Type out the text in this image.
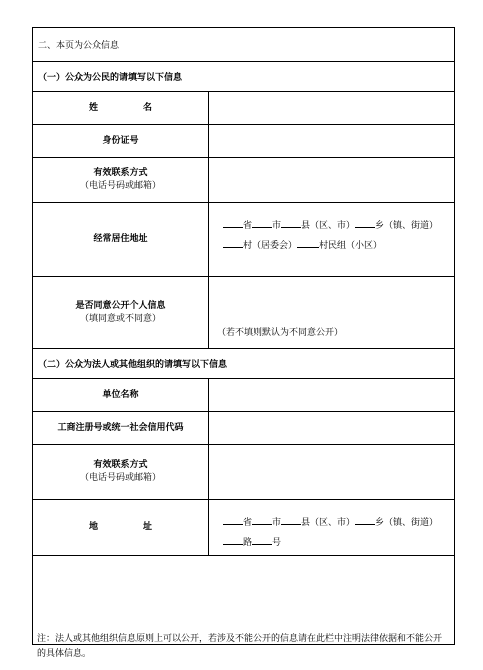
二、本页为公众信息
（一）公众为公民的请填写以下信息
姓　名
身份证号
有效联系方式
（电话号码或邮箱）
经常居住地址
省 市 县（区、市） 乡（镇、街道）
村（居委会） 村民组（小区）
是否同意公开个人信息
（填同意或不同意）
（若不填则默认为不同意公开）
（二）公众为法人或其他组织的请填写以下信息
单位名称
工商注册号或统一社会信用代码
有效联系方式
（电话号码或邮箱）
地　址	省 市 县（区、市） 乡（镇、街道）
路 号
注：法人或其他组织信息原则上可以公开，若涉及不能公开的信息请在此栏中注明法律依据和不能公开的具体信息。
